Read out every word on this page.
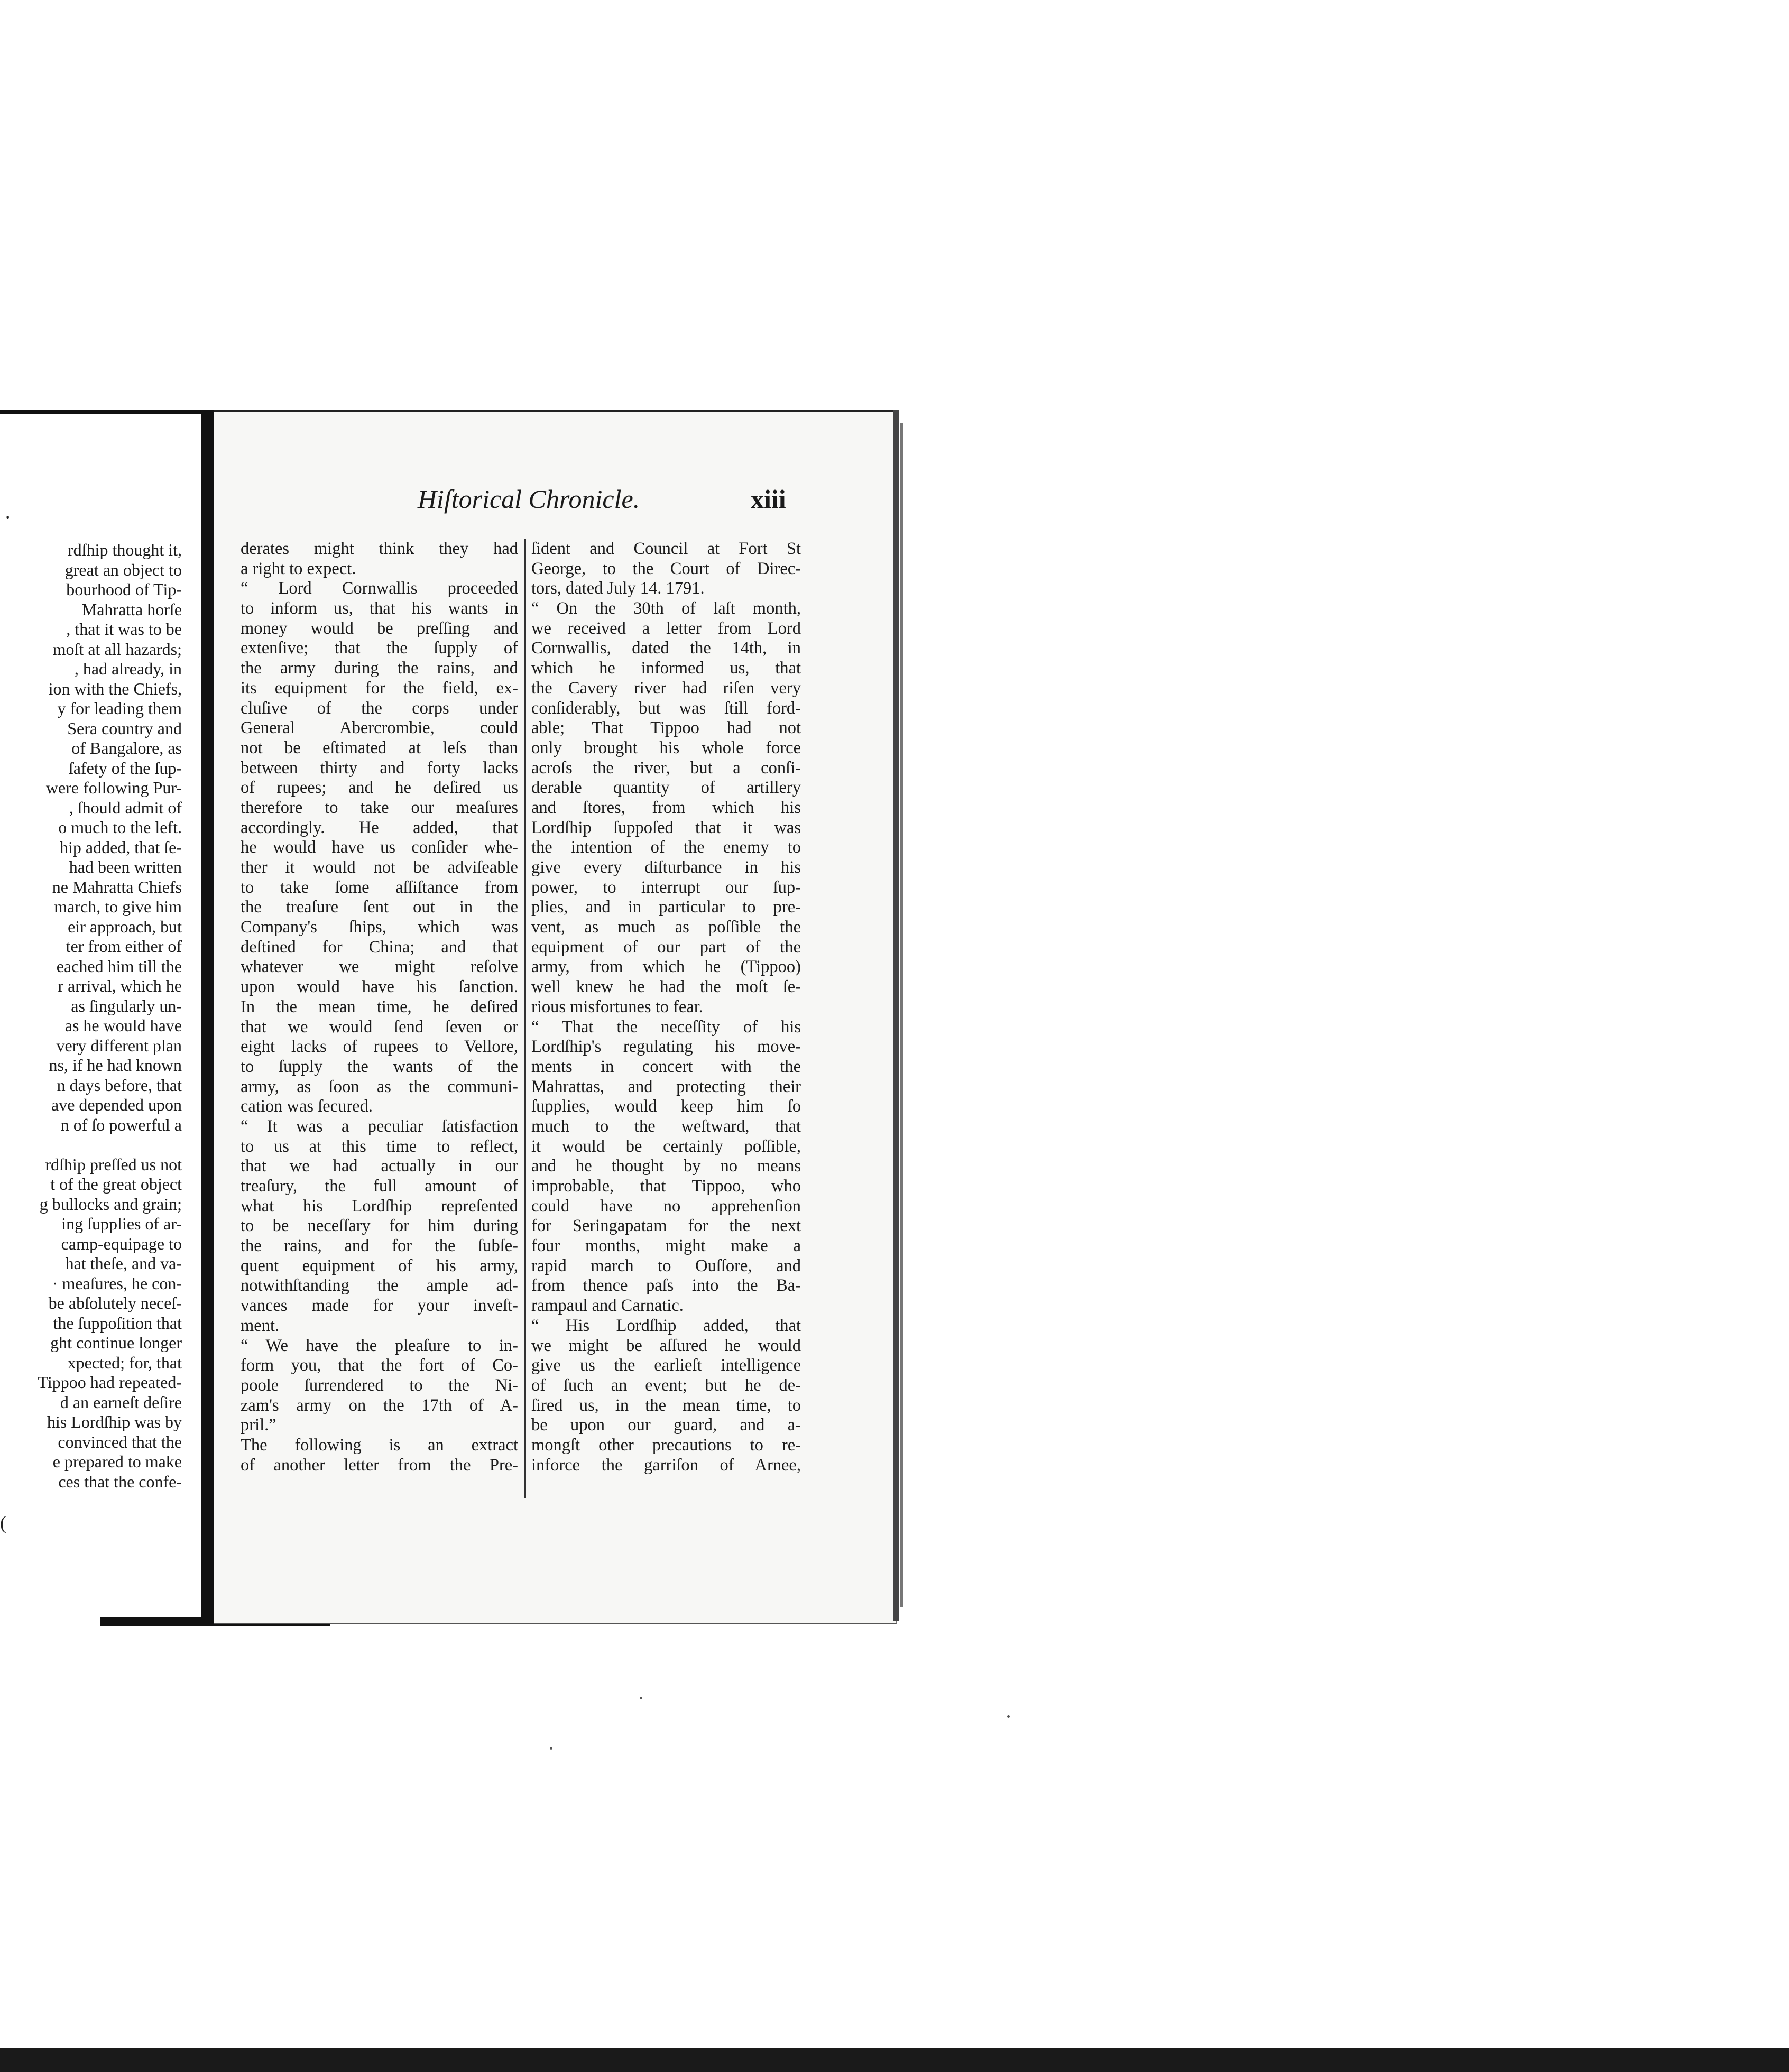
·
rdſhip thought it,
great an object to
bourhood of Tip-
Mahratta horſe
, that it was to be
moſt at all hazards;
, had already, in
ion with the Chiefs,
y for leading them
Sera country and
of Bangalore, as
ſafety of the ſup-
were following Pur-
, ſhould admit of
o much to the left.
hip added, that ſe-
had been written
ne Mahratta Chiefs
march, to give him
eir approach, but
ter from either of
eached him till the
r arrival, which he
as ſingularly un-
as he would have
very different plan
ns, if he had known
n days before, that
ave depended upon
n of ſo powerful a
rdſhip preſſed us not
t of the great object
g bullocks and grain;
ing ſupplies of ar-
camp-equipage to
hat theſe, and va-
· meaſures, he con-
be abſolutely neceſ-
the ſuppoſition that
ght continue longer
xpected; for, that
Tippoo had repeated-
d an earneſt deſire
his Lordſhip was by
convinced that the
e prepared to make
ces that the confe-
(
Hiſtorical Chronicle.	xiii
derates might think they had
a right to expect.
“ Lord Cornwallis proceeded
to inform us, that his wants in
money would be preſſing and
extenſive; that the ſupply of
the army during the rains, and
its equipment for the field, ex-
cluſive of the corps under
General Abercrombie, could
not be eſtimated at leſs than
between thirty and forty lacks
of rupees; and he deſired us
therefore to take our meaſures
accordingly. He added, that
he would have us conſider whe-
ther it would not be adviſeable
to take ſome aſſiſtance from
the treaſure ſent out in the
Company's ſhips, which was
deſtined for China; and that
whatever we might reſolve
upon would have his ſanction.
In the mean time, he deſired
that we would ſend ſeven or
eight lacks of rupees to Vellore,
to ſupply the wants of the
army, as ſoon as the communi-
cation was ſecured.
“ It was a peculiar ſatisfaction
to us at this time to reflect,
that we had actually in our
treaſury, the full amount of
what his Lordſhip repreſented
to be neceſſary for him during
the rains, and for the ſubſe-
quent equipment of his army,
notwithſtanding the ample ad-
vances made for your inveſt-
ment.
“ We have the pleaſure to in-
form you, that the fort of Co-
poole ſurrendered to the Ni-
zam's army on the 17th of A-
pril.”
The following is an extract
of another letter from the Pre-
ſident and Council at Fort St
George, to the Court of Direc-
tors, dated July 14. 1791.
“ On the 30th of laſt month,
we received a letter from Lord
Cornwallis, dated the 14th, in
which he informed us, that
the Cavery river had riſen very
conſiderably, but was ſtill ford-
able; That Tippoo had not
only brought his whole force
acroſs the river, but a conſi-
derable quantity of artillery
and ſtores, from which his
Lordſhip ſuppoſed that it was
the intention of the enemy to
give every diſturbance in his
power, to interrupt our ſup-
plies, and in particular to pre-
vent, as much as poſſible the
equipment of our part of the
army, from which he (Tippoo)
well knew he had the moſt ſe-
rious misfortunes to fear.
“ That the neceſſity of his
Lordſhip's regulating his move-
ments in concert with the
Mahrattas, and protecting their
ſupplies, would keep him ſo
much to the weſtward, that
it would be certainly poſſible,
and he thought by no means
improbable, that Tippoo, who
could have no apprehenſion
for Seringapatam for the next
four months, might make a
rapid march to Ouſſore, and
from thence paſs into the Ba-
rampaul and Carnatic.
“ His Lordſhip added, that
we might be aſſured he would
give us the earlieſt intelligence
of ſuch an event; but he de-
ſired us, in the mean time, to
be upon our guard, and a-
mongſt other precautions to re-
inforce the garriſon of Arnee,
